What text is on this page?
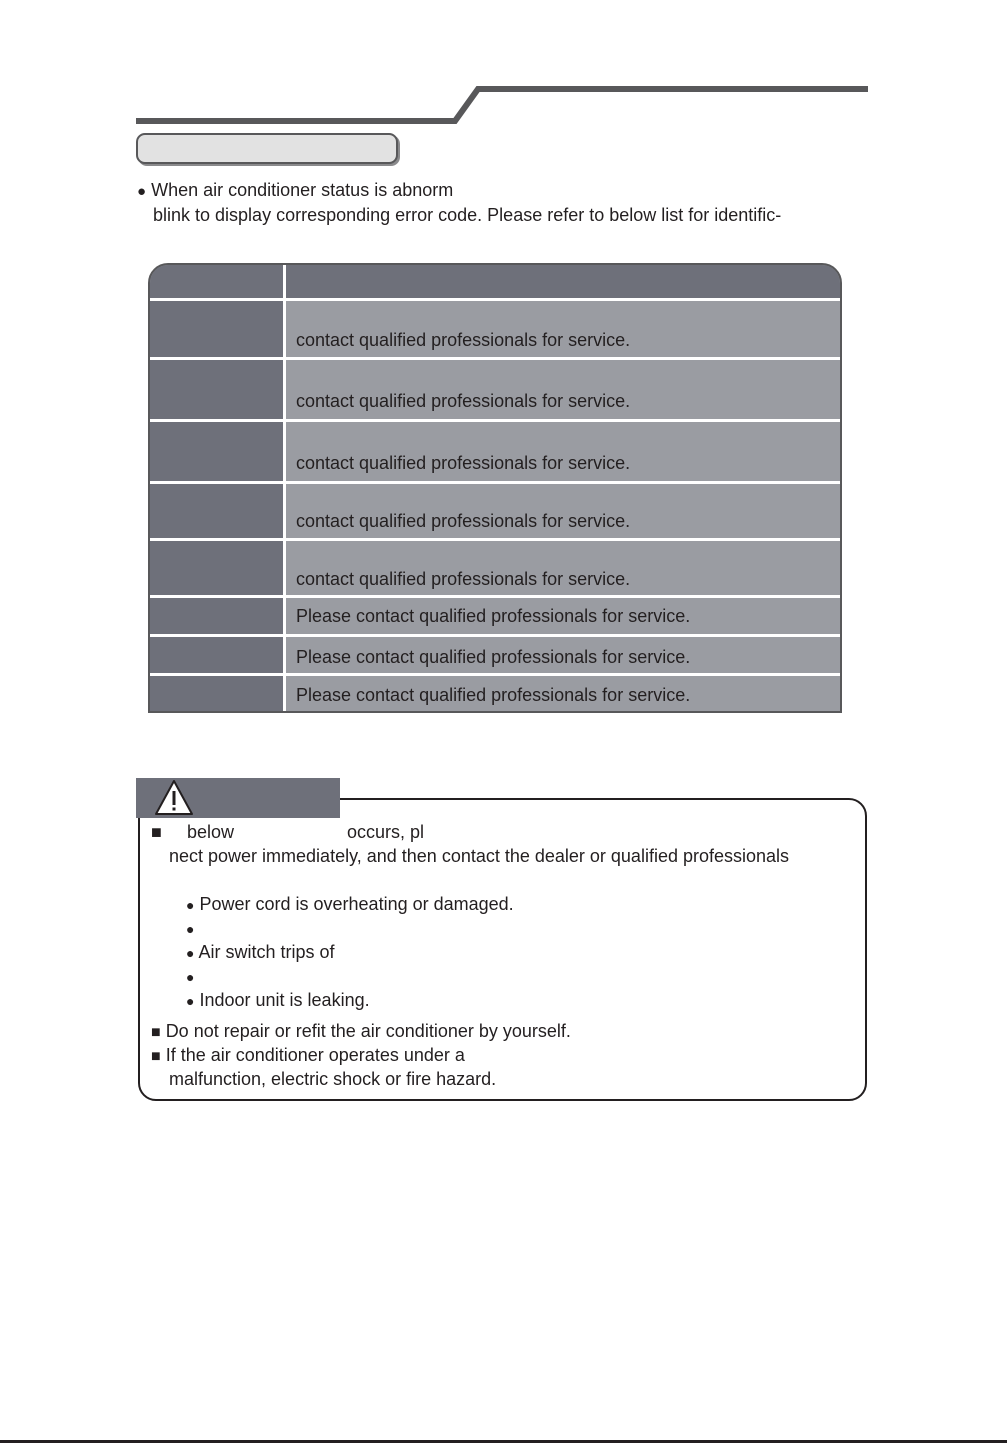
● When air conditioner status is abnorm
blink to display corresponding error code. Please refer to below list for identific-
contact qualified professionals for service.
contact qualified professionals for service.
contact qualified professionals for service.
contact qualified professionals for service.
contact qualified professionals for service.
Please contact qualified professionals for service.
Please contact qualified professionals for service.
Please contact qualified professionals for service.
■ below	occurs, pl
nect power immediately, and then contact the dealer or qualified professionals
● Power cord is overheating or damaged.
●
● Air switch trips of
●
● Indoor unit is leaking.
■ Do not repair or refit the air conditioner by yourself.
■ If the air conditioner operates under a
malfunction, electric shock or fire hazard.
